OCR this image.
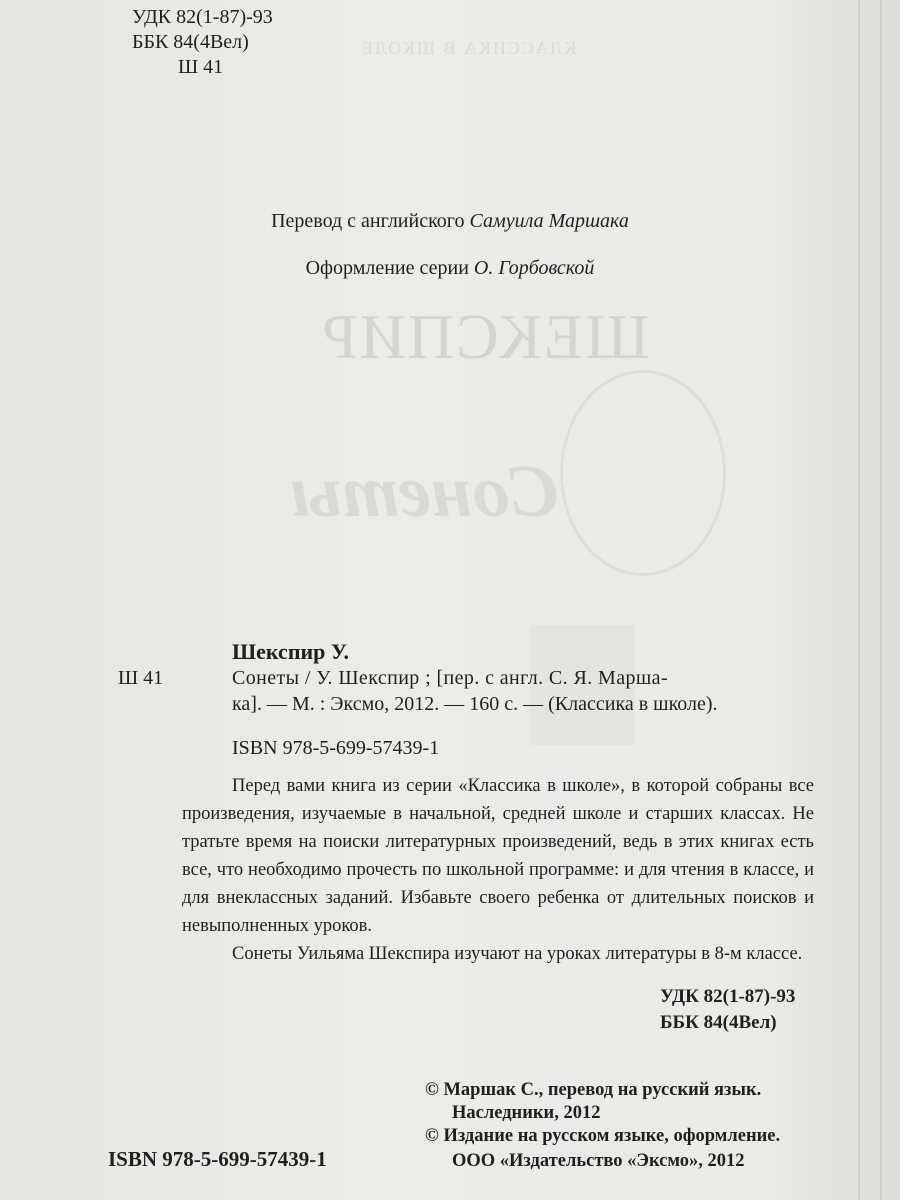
КЛАССИКА В ШКОЛЕ
ШЕКСПИР
Сонеты

УДК 82(1-87)-93

ББК 84(4Вел)

Ш 41

Перевод с английского Самуила Маршака

Оформление серии О. Горбовской

Шекспир У.

Ш 41	Сонеты / У. Шекспир ; [пер. с англ. С. Я. Марша-

ка]. — М. : Эксмо, 2012. — 160 с. — (Классика в школе).

ISBN 978-5-699-57439-1

Перед вами книга из серии «Классика в школе», в которой собраны все произведения, изучаемые в начальной, средней школе и старших классах. Не тратьте время на поиски литературных произведений, ведь в этих книгах есть все, что необходимо прочесть по школьной программе: и для чтения в классе, и для внеклассных заданий. Избавьте своего ребенка от длительных поисков и невыполненных уроков.

Сонеты Уильяма Шекспира изучают на уроках литературы в 8-м классе.

УДК 82(1-87)-93

ББК 84(4Вел)

© Маршак С., перевод на русский язык.

Наследники, 2012

© Издание на русском языке, оформление.

ООО «Издательство «Эксмо», 2012

ISBN 978-5-699-57439-1
